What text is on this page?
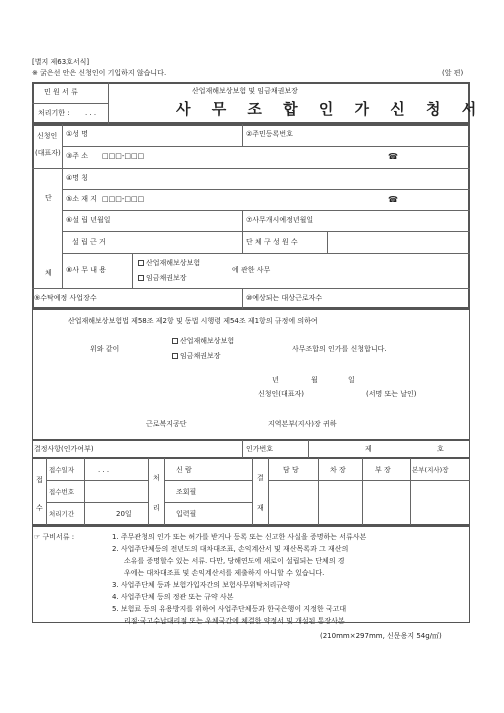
[별지 제63호서식]
※ 굵은선 안은 신청인이 기입하지 않습니다.	(앞 편)
민 원 서 류
처리기한 : . . .
산업재해보상보험 및 임금채권보장
사 무 조 합 인 가 신 청 서
신청인
(대표자)
①성 명	②주민등록번호
③주 소 □□□-□□□	☎
단
체
④명 칭
⑤소 재 지 □□□-□□□	☎
⑥설 립 년월일	⑦사무개시예정년월일
설 립 근 거	단 체 구 성 원 수
⑧사 무 내 용
산업재해보상보험
임금채권보장
에 관한 사무
⑨수탁예정 사업장수	⑩예상되는 대상근로자수
산업재해보상보험법 제58조 제2항 및 동법 시행령 제54조 제1항의 규정에 의하여
위와 같이
산업재해보상보험
임금채권보장
사무조합의 인가를 신청합니다.
년	월	일
신청인(대표자)	(서명 또는 날인)
근로복지공단	지역본부(지사)장 귀하
결정사항(인가여부)	인가번호	제	호
접
수
접수일자	. . .
접수번호
처리기간	20일
처
리
신 람
조회필
입력필
결
재
담 당	차 장	부 장	본부(지사)장
☞ 구비서류 :	1. 주무관청의 인가 또는 허가를 받거나 등록 또는 신고한 사실을 증명하는 서류사본
2. 사업주단체등의 전년도의 대차대조표, 손익계산서 및 재산목록과 그 재산의
소유를 증명할수 있는 서류. 다만, 당해연도에 새로이 설립되는 단체의 경
우에는 대차대조표 및 손익계산서를 제출하지 아니할 수 있습니다.
3. 사업주단체 등과 보험가입자간의 보험사무위탁처리규약
4. 사업주단체 등의 정관 또는 규약 사본
5. 보험료 등의 유용방지를 위하여 사업주단체등과 한국은행이 지정한 국고대
리점·국고수납대리점 또는 우체국간에 체결한 약정서 및 개설된 통장사본
(210mm×297mm, 신문용지 54g/㎡)
